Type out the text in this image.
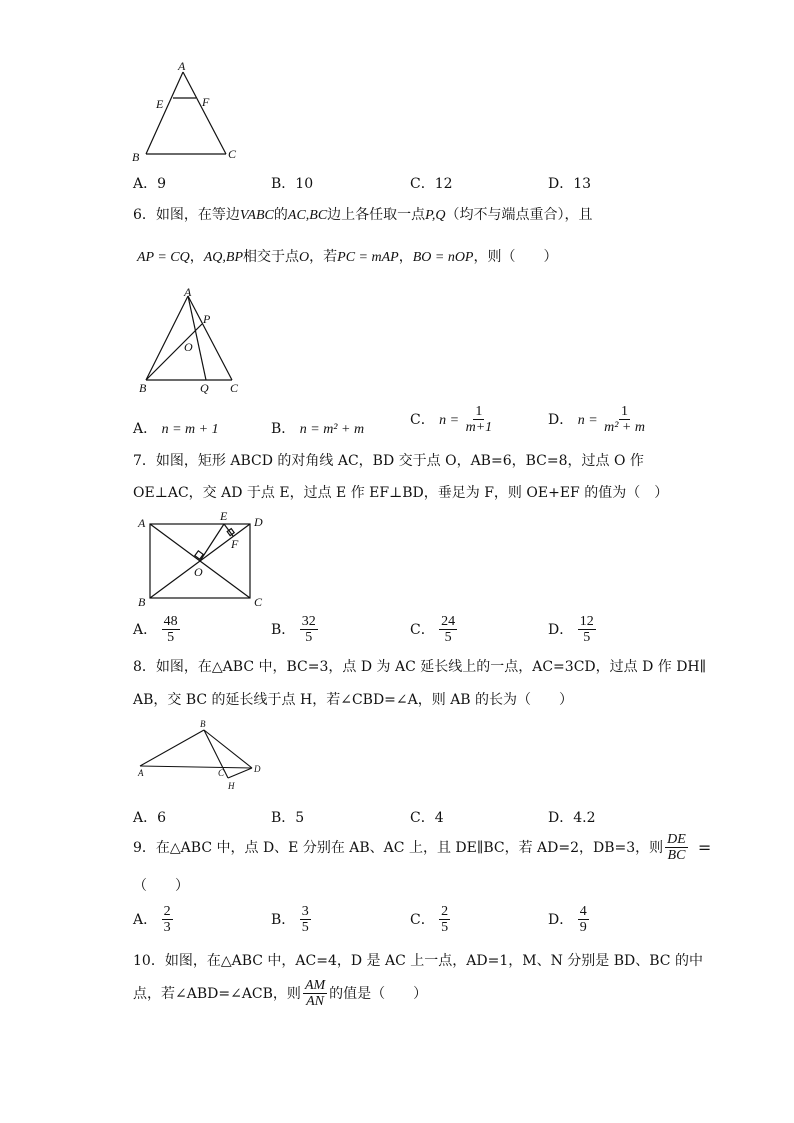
A
E	F
B	C
A．9	B．10	C．12	D．13
6．如图，在等边VABC的AC,BC边上各任取一点P,Q（均不与端点重合），且
AP = CQ，AQ,BP相交于点O，若PC = mAP，BO = nOP，则（　　）
A
P
O
B	Q C
A． n = m + 1	B． n = m² + m
C． $n = \frac{1}{m+1}$	D． $n = \frac{1}{\text{m² + m}}$
7．如图，矩形 ABCD 的对角线 AC，BD 交于点 O，AB=6，BC=8，过点 O 作
OE⊥AC，交 AD 于点 E，过点 E 作 EF⊥BD，垂足为 F，则 OE+EF 的值为（　）
A	E D
F
O
B	C
A． $\frac{48}{5}$	B． $\frac{32}{5}$	C． $\frac{24}{5}$	D． $\frac{12}{5}$
8．如图，在△ABC 中，BC=3，点 D 为 AC 延长线上的一点，AC=3CD，过点 D 作 DH∥
AB，交 BC 的延长线于点 H，若∠CBD=∠A，则 AB 的长为（　　）
B
A	C	D
H
A．6	B．5	C．4	D．4.2
9．在△ABC 中，点 D、E 分别在 AB、AC 上，且 DE∥BC，若 AD=2，DB=3，则 $\frac{DE}{BC}$ =
（　　）
A． $\frac{2}{3}$	B． $\frac{3}{5}$	C． $\frac{2}{5}$	D． $\frac{4}{9}$
10．如图，在△ABC 中，AC=4，D 是 AC 上一点，AD=1，M、N 分别是 BD、BC 的中
点，若∠ABD=∠ACB，则 $\frac{AM}{AN}$ 的值是（　　）
